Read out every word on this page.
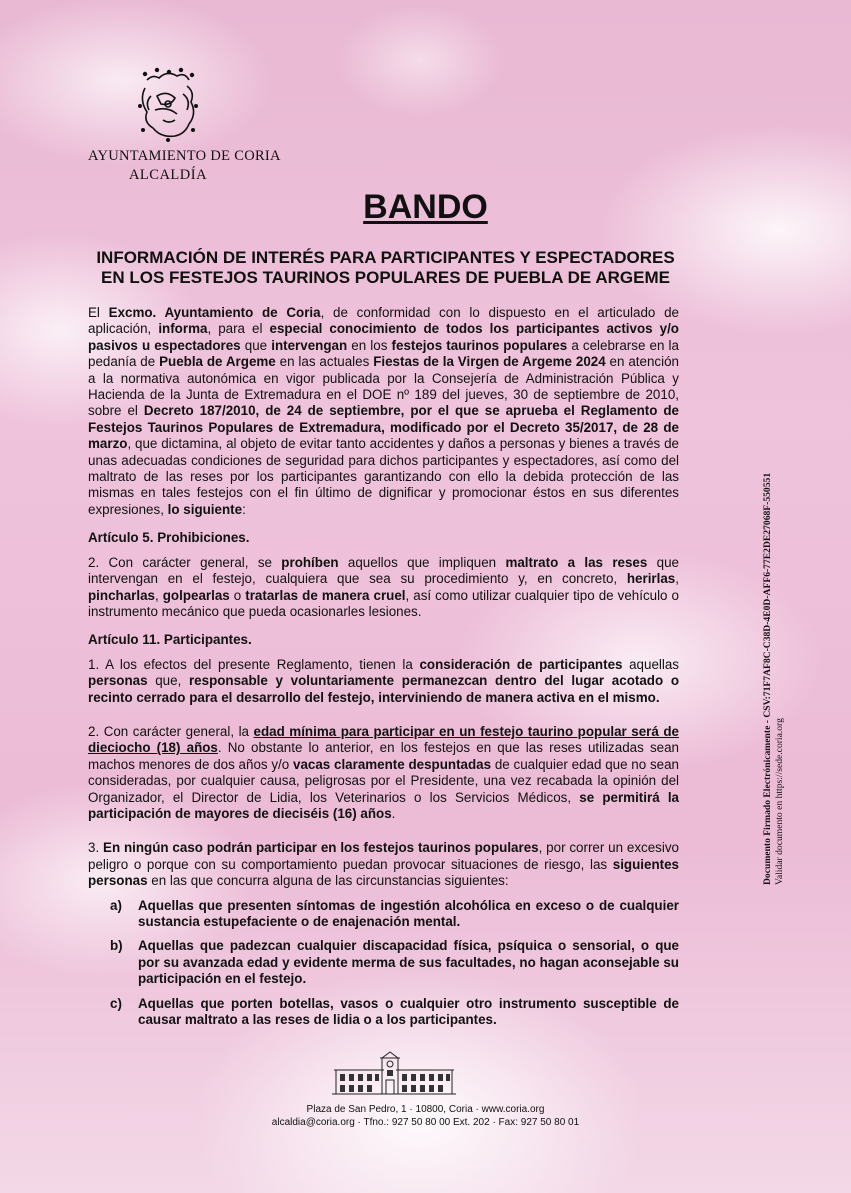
AYUNTAMIENTO DE CORIA
ALCALDÍA
BANDO
INFORMACIÓN DE INTERÉS PARA PARTICIPANTES Y ESPECTADORES
EN LOS FESTEJOS TAURINOS POPULARES DE PUEBLA DE ARGEME

El Excmo. Ayuntamiento de Coria, de conformidad con lo dispuesto en el articulado de aplicación, informa, para el especial conocimiento de todos los participantes activos y/o pasivos u espectadores que intervengan en los festejos taurinos populares a celebrarse en la pedanía de Puebla de Argeme en las actuales Fiestas de la Virgen de Argeme 2024 en atención a la normativa autonómica en vigor publicada por la Consejería de Administración Pública y Hacienda de la Junta de Extremadura en el DOE nº 189 del jueves, 30 de septiembre de 2010, sobre el Decreto 187/2010, de 24 de septiembre, por el que se aprueba el Reglamento de Festejos Taurinos Populares de Extremadura, modificado por el Decreto 35/2017, de 28 de marzo, que dictamina, al objeto de evitar tanto accidentes y daños a personas y bienes a través de unas adecuadas condiciones de seguridad para dichos participantes y espectadores, así como del maltrato de las reses por los participantes garantizando con ello la debida protección de las mismas en tales festejos con el fin último de dignificar y promocionar éstos en sus diferentes expresiones, lo siguiente:

Artículo 5. Prohibiciones.

2. Con carácter general, se prohíben aquellos que impliquen maltrato a las reses que intervengan en el festejo, cualquiera que sea su procedimiento y, en concreto, herirlas, pincharlas, golpearlas o tratarlas de manera cruel, así como utilizar cualquier tipo de vehículo o instrumento mecánico que pueda ocasionarles lesiones.

Artículo 11. Participantes.

1. A los efectos del presente Reglamento, tienen la consideración de participantes aquellas personas que, responsable y voluntariamente permanezcan dentro del lugar acotado o recinto cerrado para el desarrollo del festejo, interviniendo de manera activa en el mismo.

2. Con carácter general, la edad mínima para participar en un festejo taurino popular será de dieciocho (18) años. No obstante lo anterior, en los festejos en que las reses utilizadas sean machos menores de dos años y/o vacas claramente despuntadas de cualquier edad que no sean consideradas, por cualquier causa, peligrosas por el Presidente, una vez recabada la opinión del Organizador, el Director de Lidia, los Veterinarios o los Servicios Médicos, se permitirá la participación de mayores de dieciséis (16) años.

3. En ningún caso podrán participar en los festejos taurinos populares, por correr un excesivo peligro o porque con su comportamiento puedan provocar situaciones de riesgo, las siguientes personas en las que concurra alguna de las circunstancias siguientes:

a)	Aquellas que presenten síntomas de ingestión alcohólica en exceso o de cualquier sustancia estupefaciente o de enajenación mental.
b)	Aquellas que padezcan cualquier discapacidad física, psíquica o sensorial, o que por su avanzada edad y evidente merma de sus facultades, no hagan aconsejable su participación en el festejo.
c)	Aquellas que porten botellas, vasos o cualquier otro instrumento susceptible de causar maltrato a las reses de lidia o a los participantes.
Documento Firmado Electrónicamente - CSV:71F7AF8C-C38D-4E0D-AFF6-77E2DE27068F-550551 Validar documento en https://sede.coria.org
Plaza de San Pedro, 1 · 10800, Coria · www.coria.org
alcaldia@coria.org · Tfno.: 927 50 80 00 Ext. 202 · Fax: 927 50 80 01
